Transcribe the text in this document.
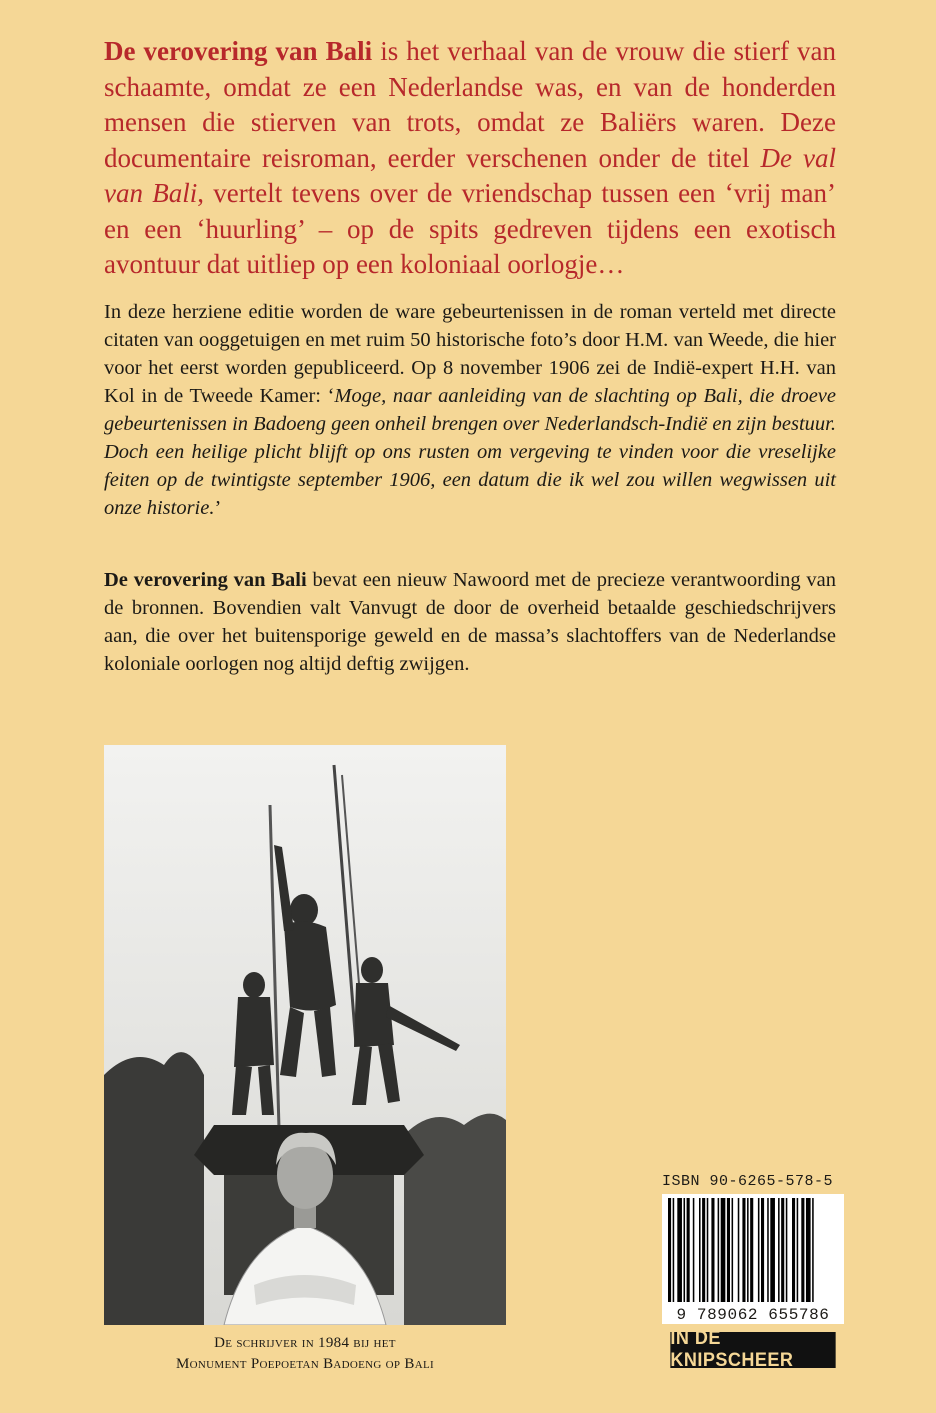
De verovering van Bali is het verhaal van de vrouw die stierf van schaamte, omdat ze een Nederlandse was, en van de honderden mensen die stierven van trots, omdat ze Baliërs waren. Deze documentaire reisroman, eerder verschenen onder de titel De val van Bali, vertelt tevens over de vriendschap tussen een ‘vrij man’ en een ‘huurling’ – op de spits gedreven tijdens een exotisch avontuur dat uitliep op een koloniaal oorlogje…

In deze herziene editie worden de ware gebeurtenissen in de roman verteld met directe citaten van ooggetuigen en met ruim 50 historische foto’s door H.M. van Weede, die hier voor het eerst worden gepubliceerd. Op 8 november 1906 zei de Indië-expert H.H. van Kol in de Tweede Kamer: ‘Moge, naar aanleiding van de slachting op Bali, die droeve gebeurtenissen in Badoeng geen onheil brengen over Nederlandsch-Indië en zijn bestuur. Doch een heilige plicht blijft op ons rusten om vergeving te vinden voor die vreselijke feiten op de twintigste september 1906, een datum die ik wel zou willen wegwissen uit onze historie.’

De verovering van Bali bevat een nieuw Nawoord met de precieze verantwoording van de bronnen. Bovendien valt Vanvugt de door de overheid betaalde geschiedschrijvers aan, die over het buitensporige geweld en de massa’s slachtoffers van de Nederlandse koloniale oorlogen nog altijd deftig zwijgen.

De schrijver in 1984 bij het
Monument Poepoetan Badoeng op Bali
ISBN 90-6265-578-5
9 789062 655786
IN DE KNIPSCHEER
